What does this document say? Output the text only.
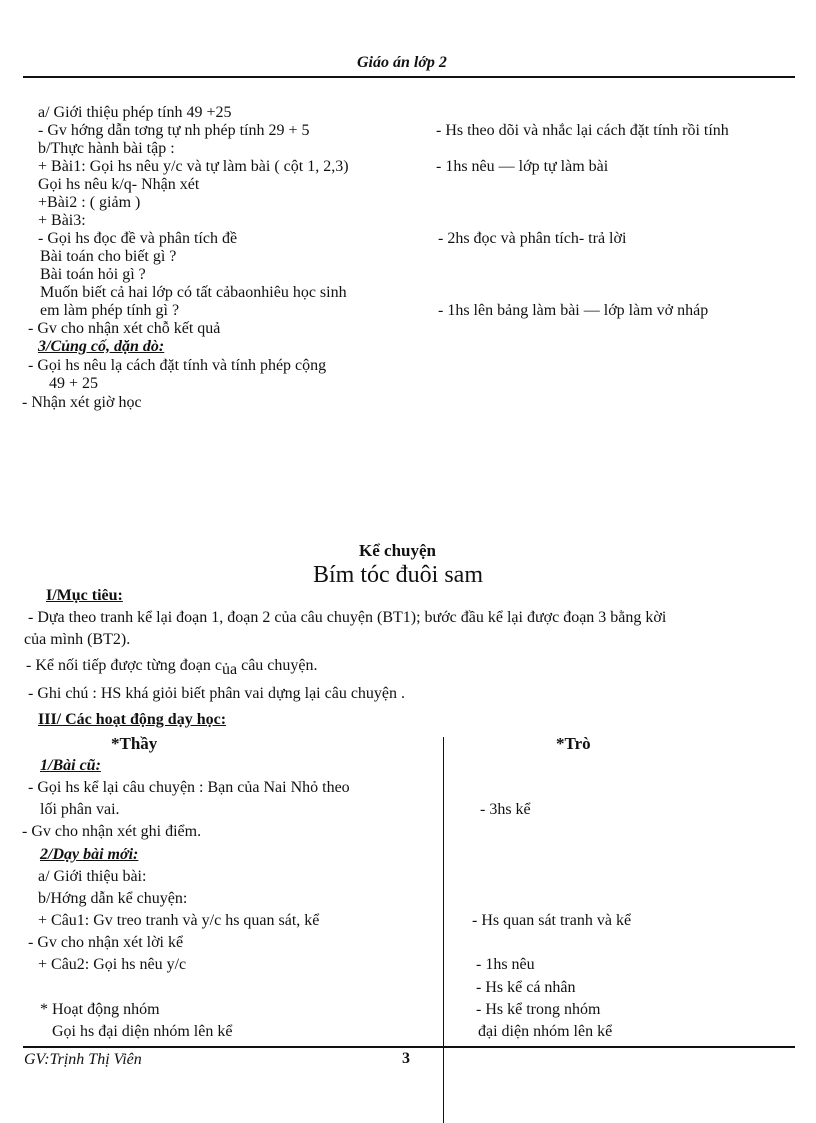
Giáo án lớp 2
a/ Giới thiệu phép tính 49 +25
- Gv hớng dẫn tơng tự nh phép tính 29 + 5
b/Thực hành bài tập :
+ Bài1: Gọi hs nêu y/c và tự làm bài ( cột 1, 2,3)
Gọi hs nêu k/q- Nhận xét
+Bài2 : ( giảm )
+ Bài3:
- Gọi hs đọc đề và phân tích đề
Bài toán cho biết gì ?
Bài toán hỏi gì ?
Muốn biết cả hai lớp có tất cảbaonhiêu học sinh
em làm phép tính gì ?
- Gv cho nhận xét chỗ kết quả
3/Củng cố, dặn dò:
- Gọi hs nêu lạ cách đặt tính và tính phép cộng
49 + 25
- Nhận xét giờ học
- Hs theo dõi và nhắc lại cách đặt tính rồi tính
- 1hs nêu — lớp tự làm bài
- 2hs đọc và phân tích- trả lời
- 1hs lên bảng làm bài — lớp làm vở nháp
Kể chuyện
Bím tóc đuôi sam
I/Mục tiêu:
- Dựa theo tranh kể lại đoạn 1, đoạn 2 của câu chuyện (BT1); bước đầu kể lại được đoạn 3 bằng kời
của mình (BT2).
- Kể nối tiếp được từng đoạn của câu chuyện.
- Ghi chú : HS khá giỏi biết phân vai dựng lại câu chuyện .
III/ Các hoạt động dạy học:
*Thầy	*Trò
1/Bài cũ:
- Gọi hs kể lại câu chuyện : Bạn của Nai Nhỏ theo
lối phân vai.
- Gv cho nhận xét ghi điểm.
2/Dạy bài mới:
a/ Giới thiệu bài:
b/Hớng dẫn kể chuyện:
+ Câu1: Gv treo tranh và y/c hs quan sát, kể
- Gv cho nhận xét lời kể
+ Câu2: Gọi hs nêu y/c
* Hoạt động nhóm
Gọi hs đại diện nhóm lên kể
- 3hs kể
- Hs quan sát tranh và kể
- 1hs nêu
- Hs kể cá nhân
- Hs kể trong nhóm
đại diện nhóm lên kể
GV:Trịnh Thị Viên	3
